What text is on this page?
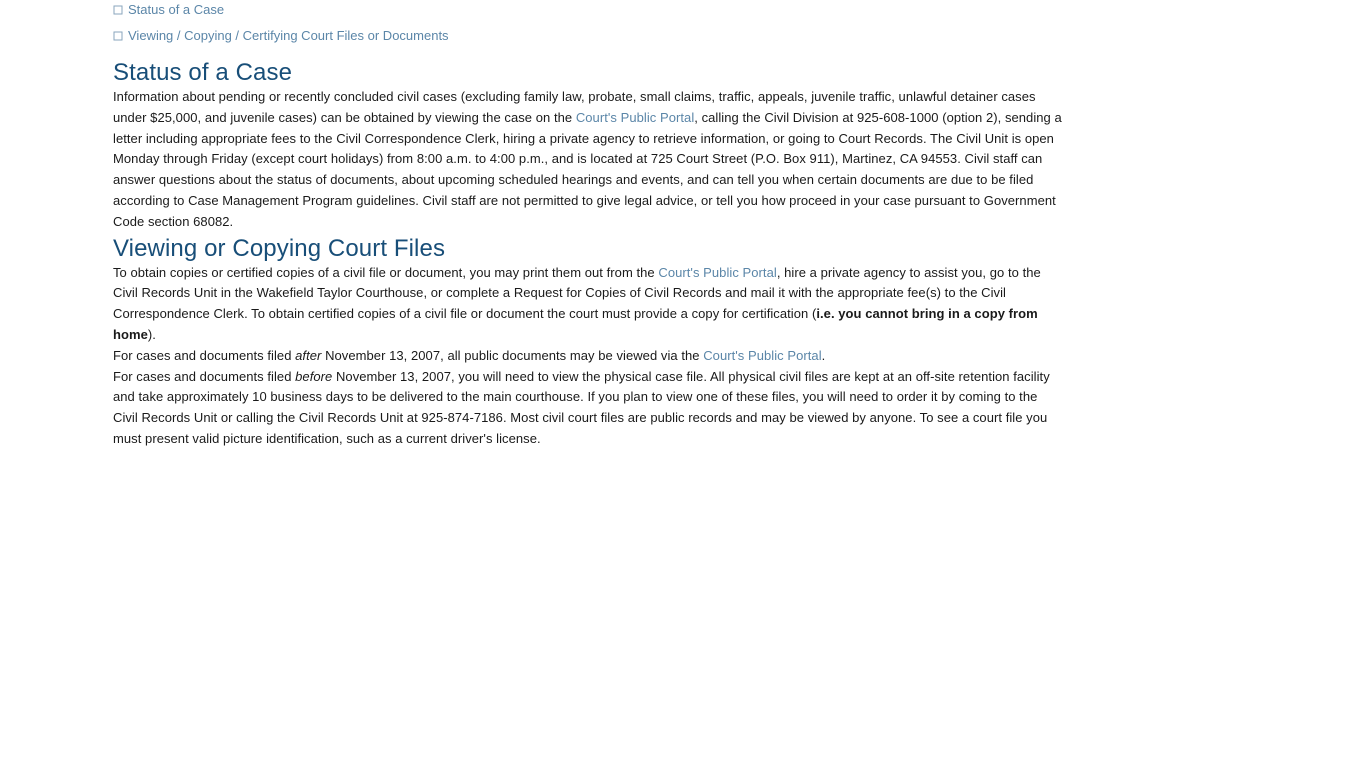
Status of a Case
Viewing / Copying / Certifying Court Files or Documents
Status of a Case

Information about pending or recently concluded civil cases (excluding family law, probate, small claims, traffic, appeals, juvenile traffic, unlawful detainer cases under $25,000, and juvenile cases) can be obtained by viewing the case on the Court's Public Portal, calling the Civil Division at 925-608-1000 (option 2), sending a letter including appropriate fees to the Civil Correspondence Clerk, hiring a private agency to retrieve information, or going to Court Records. The Civil Unit is open Monday through Friday (except court holidays) from 8:00 a.m. to 4:00 p.m., and is located at 725 Court Street (P.O. Box 911), Martinez, CA 94553. Civil staff can answer questions about the status of documents, about upcoming scheduled hearings and events, and can tell you when certain documents are due to be filed according to Case Management Program guidelines. Civil staff are not permitted to give legal advice, or tell you how proceed in your case pursuant to Government Code section 68082.

Viewing or Copying Court Files

To obtain copies or certified copies of a civil file or document, you may print them out from the Court's Public Portal, hire a private agency to assist you, go to the Civil Records Unit in the Wakefield Taylor Courthouse, or complete a Request for Copies of Civil Records and mail it with the appropriate fee(s) to the Civil Correspondence Clerk. To obtain certified copies of a civil file or document the court must provide a copy for certification (i.e. you cannot bring in a copy from home).

For cases and documents filed after November 13, 2007, all public documents may be viewed via the Court's Public Portal.

For cases and documents filed before November 13, 2007, you will need to view the physical case file. All physical civil files are kept at an off-site retention facility and take approximately 10 business days to be delivered to the main courthouse. If you plan to view one of these files, you will need to order it by coming to the Civil Records Unit or calling the Civil Records Unit at 925-874-7186. Most civil court files are public records and may be viewed by anyone. To see a court file you must present valid picture identification, such as a current driver's license.
